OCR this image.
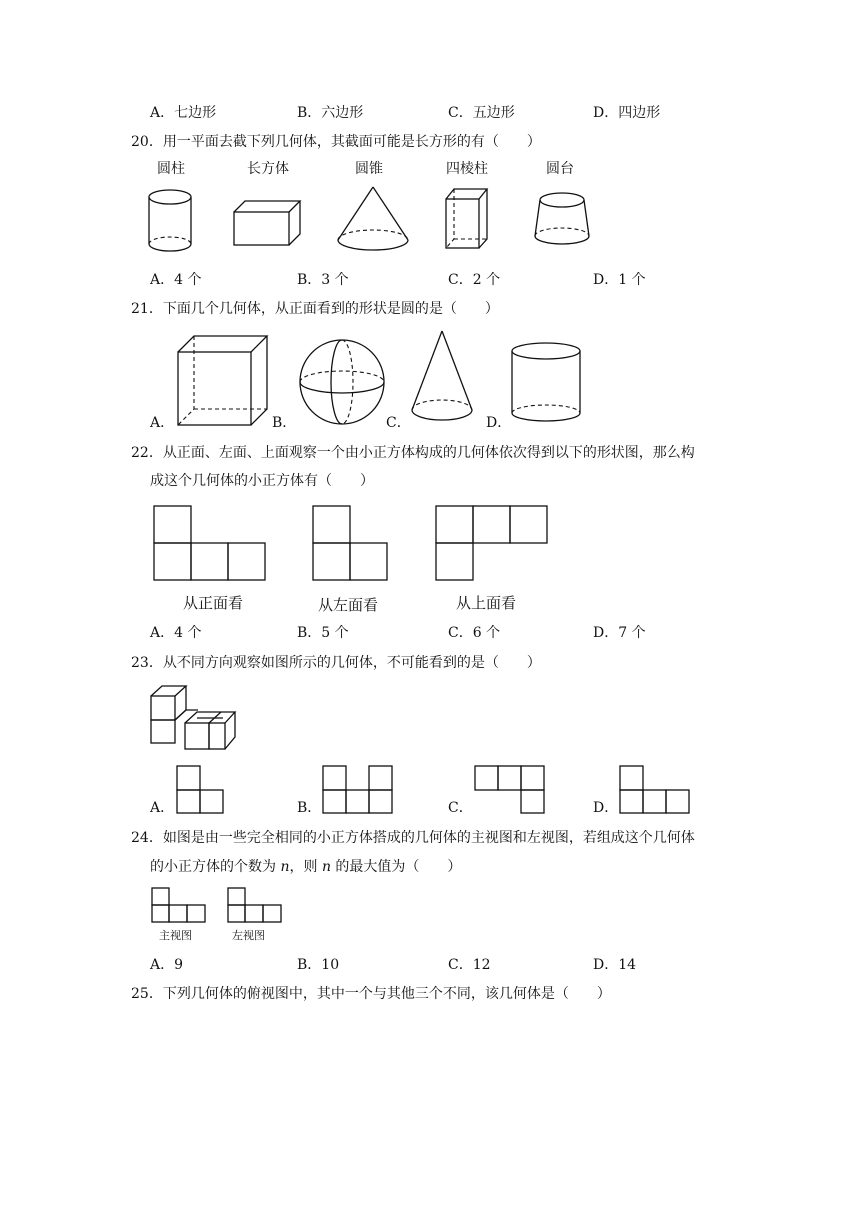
A．七边形	B．六边形	C．五边形	D．四边形
20．用一平面去截下列几何体，其截面可能是长方形的有（　　）
圆柱	长方体	圆锥	四棱柱	圆台
A．4 个	B．3 个	C．2 个	D．1 个
21．下面几个几何体，从正面看到的形状是圆的是（　　）
A．	B．	C．	D．
22．从正面、左面、上面观察一个由小正方体构成的几何体依次得到以下的形状图，那么构
成这个几何体的小正方体有（　　）
从正面看	从左面看	从上面看
A．4 个	B．5 个	C．6 个	D．7 个
23．从不同方向观察如图所示的几何体，不可能看到的是（　　）
A．	B．	C．	D．
24．如图是由一些完全相同的小正方体搭成的几何体的主视图和左视图，若组成这个几何体
的小正方体的个数为 n，则 n 的最大值为（　　）
主视图	左视图
A．9	B．10	C．12	D．14
25．下列几何体的俯视图中，其中一个与其他三个不同，该几何体是（　　）
